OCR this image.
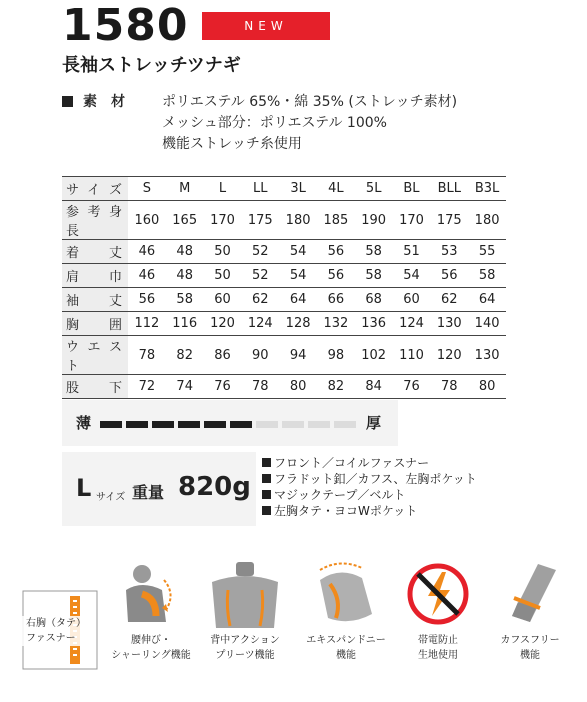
1580	NEW
長袖ストレッチツナギ
素　材	ポリエステル 65%・綿 35% (ストレッチ素材)
メッシュ部分：ポリエステル 100%
機能ストレッチ糸使用
サイズ	S	M	L	LL	3L	4L	5L	BL	BLL	B3L
参考身長	160	165	170	175	180	185	190	170	175	180
着丈	46	48	50	52	54	56	58	51	53	55
肩巾	46	48	50	52	54	56	58	54	56	58
袖丈	56	58	60	62	64	66	68	60	62	64
胸囲	112	116	120	124	128	132	136	124	130	140
ウエスト	78	82	86	90	94	98	102	110	120	130
股下	72	74	76	78	80	82	84	76	78	80
薄	厚
L サイズ 重量 820g
フロント／コイルファスナー
フラドット釦／カフス、左胸ポケット
マジックテープ／ベルト
左胸タテ・ヨコWポケット
右胸（タテ）
ファスナー	腰伸び・
シャーリング機能
背中アクション
プリーツ機能
エキスパンドニー
機能
帯電防止
生地使用
カフスフリー
機能
